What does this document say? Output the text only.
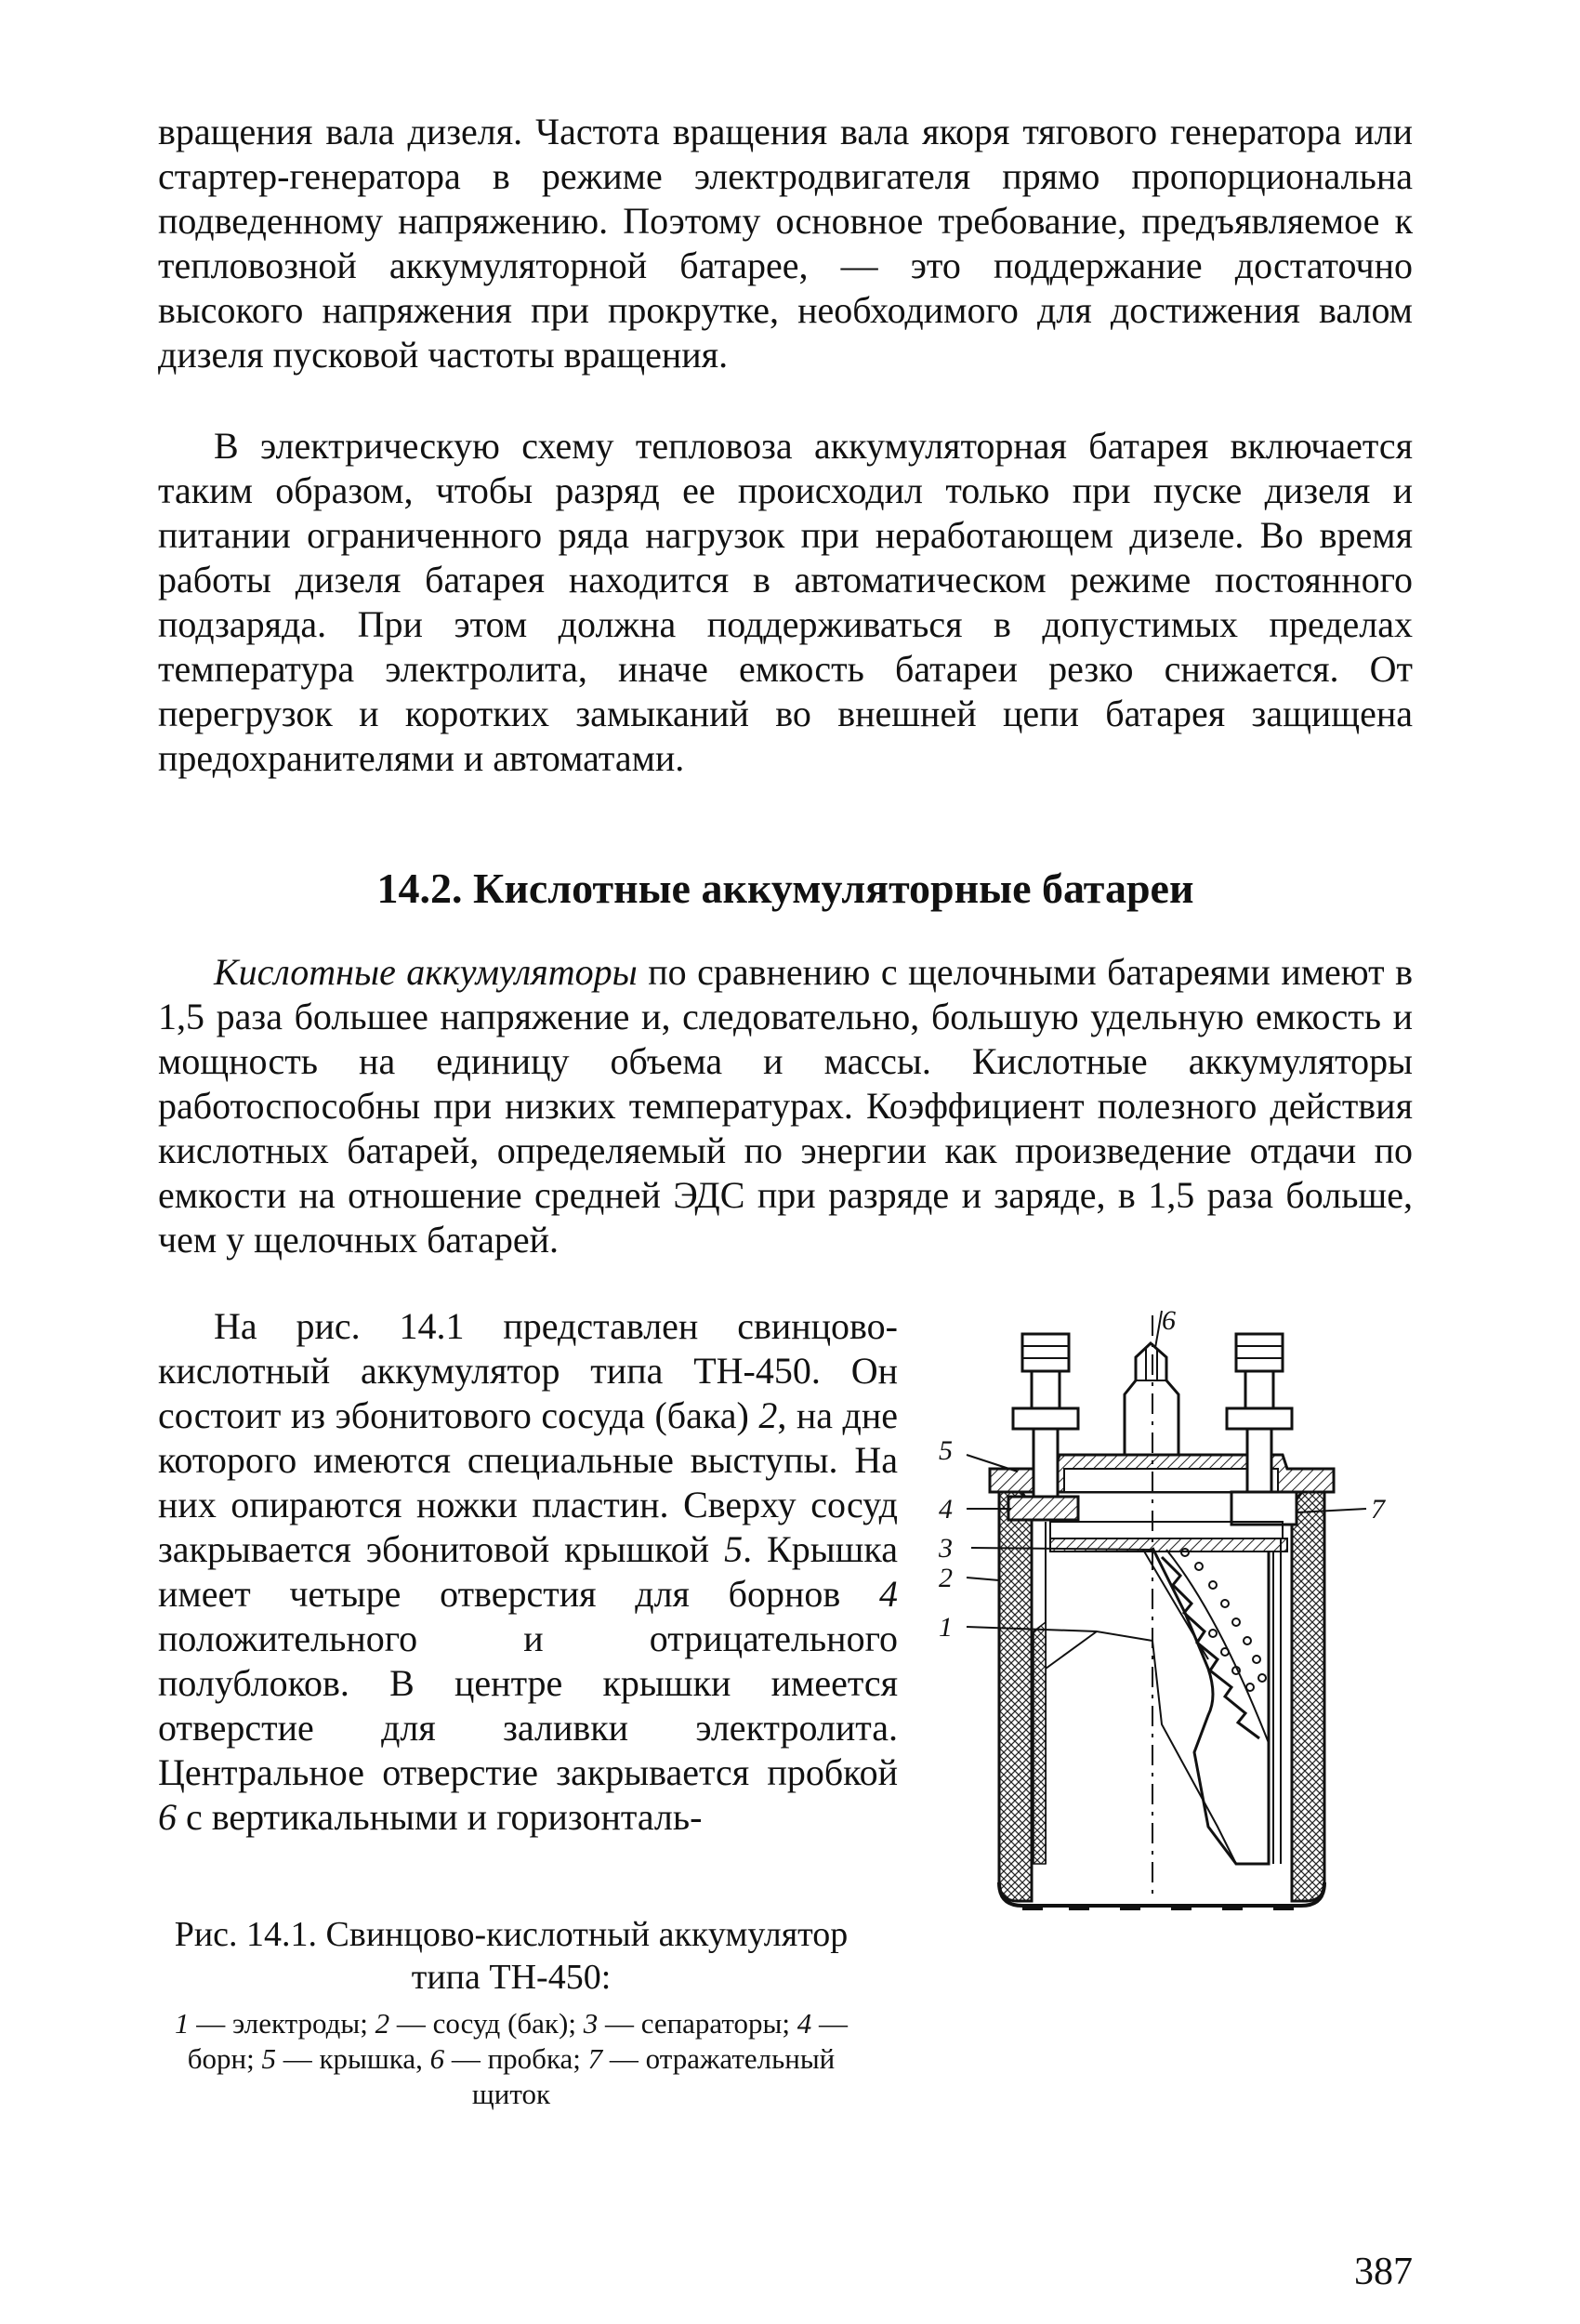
вращения вала дизеля. Частота вращения вала якоря тягового генератора или стартер-генератора в режиме электродвигателя прямо пропорциональна подведенному напряжению. Поэтому основное требование, предъявляемое к тепловозной аккумуляторной батарее, — это поддержание достаточно высокого напряжения при прокрутке, необходимого для достижения валом дизеля пусковой частоты вращения.

В электрическую схему тепловоза аккумуляторная батарея включается таким образом, чтобы разряд ее происходил только при пуске дизеля и питании ограниченного ряда нагрузок при неработающем дизеле. Во время работы дизеля батарея находится в автоматическом режиме постоянного подзаряда. При этом должна поддерживаться в допустимых пределах температура электролита, иначе емкость батареи резко снижается. От перегрузок и коротких замыканий во внешней цепи батарея защищена предохранителями и автоматами.

14.2. Кислотные аккумуляторные батареи

Кислотные аккумуляторы по сравнению с щелочными батареями имеют в 1,5 раза большее напряжение и, следовательно, большую удельную емкость и мощность на единицу объема и массы. Кислотные аккумуляторы работоспособны при низких температурах. Коэффициент полезного действия кислотных батарей, определяемый по энергии как произведение отдачи по емкости на отношение средней ЭДС при разряде и заряде, в 1,5 раза больше, чем у щелочных батарей.

На рис. 14.1 представлен свинцово-кислотный аккумулятор типа ТН-450. Он состоит из эбонитового сосуда (бака) 2, на дне которого имеются специальные выступы. На них опираются ножки пластин. Сверху сосуд закрывается эбонитовой крышкой 5. Крышка имеет четыре отверстия для борнов 4 положительного и отрицательного полублоков. В центре крышки имеется отверстие для заливки электролита. Центральное отверстие закрывается пробкой 6 с вертикальными и горизонталь-

5
4
3
2
1
6
7
Рис. 14.1. Свинцово-кислотный аккумулятор типа ТН-450:
1 — электроды; 2 — сосуд (бак); 3 — сепараторы; 4 — борн; 5 — крышка, 6 — пробка; 7 — отражательный щиток
387
